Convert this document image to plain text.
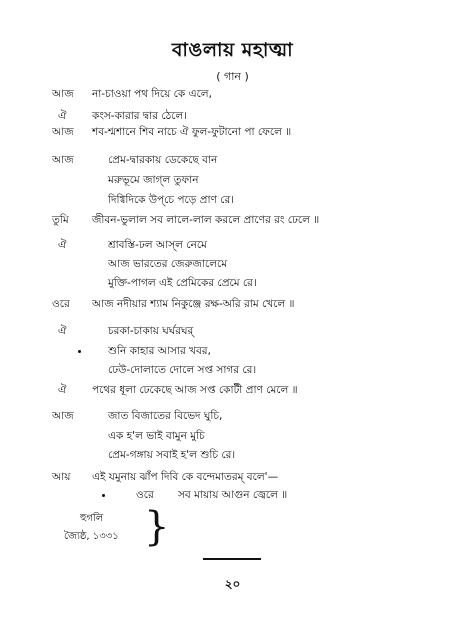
বাঙলায় মহাত্মা
( গান )
আজ না-চাওয়া পথ দিয়ে কে এলে,
ঐ কংস-কারার দ্বার ঠেলে।
আজ শব-শ্মশানে শিব নাচে ঐ ফুল-ফুটানো পা ফেলে ॥
আজ	প্রেম-দ্বারকায় ডেকেছে বান
মরুভূমে জাগ্‌ল তুফান
দিগ্বিদিকে উপ্‌চে পড়ে প্রাণ রে।
তুমি জীবন-ভুলাল সব লালে-লাল করলে প্রাণের রং ঢেলে ॥
ঐ	শ্রাবস্তি-ঢল আস্‌ল নেমে
আজ ভারতের জেরুজালেমে
মুক্তি-পাগল এই প্রেমিকের প্রেমে রে।
ওরে আজ নদীয়ার শ্যাম নিকুঞ্জে রক্ষ-অরি রাম খেলে ॥
ঐ	চরকা-চাকায় ঘর্ঘরঘর্‌
শুনি কাহার আসার খবর,
ঢেউ-দোলাতে দোলে সপ্ত সাগর রে।
ঐ পথের ধূলা ঢেকেছে আজ সপ্ত কোটী প্রাণ মেলে ॥
আজ	জাত বিজাতের বিভেদ ঘুচি,
এক হ'ল ভাই বামুন মুচি
প্রেম-গঙ্গায় সবাই হ'ল শুচি রে।
আয় এই যমুনায় ঝাঁপ দিবি কে বন্দেমাতরম্‌ বলে'—
ওরে সব মায়ায় আগুন জ্বেলে ॥
হুগলি
জ্যৈষ্ঠ, ১৩৩১ }
২০
